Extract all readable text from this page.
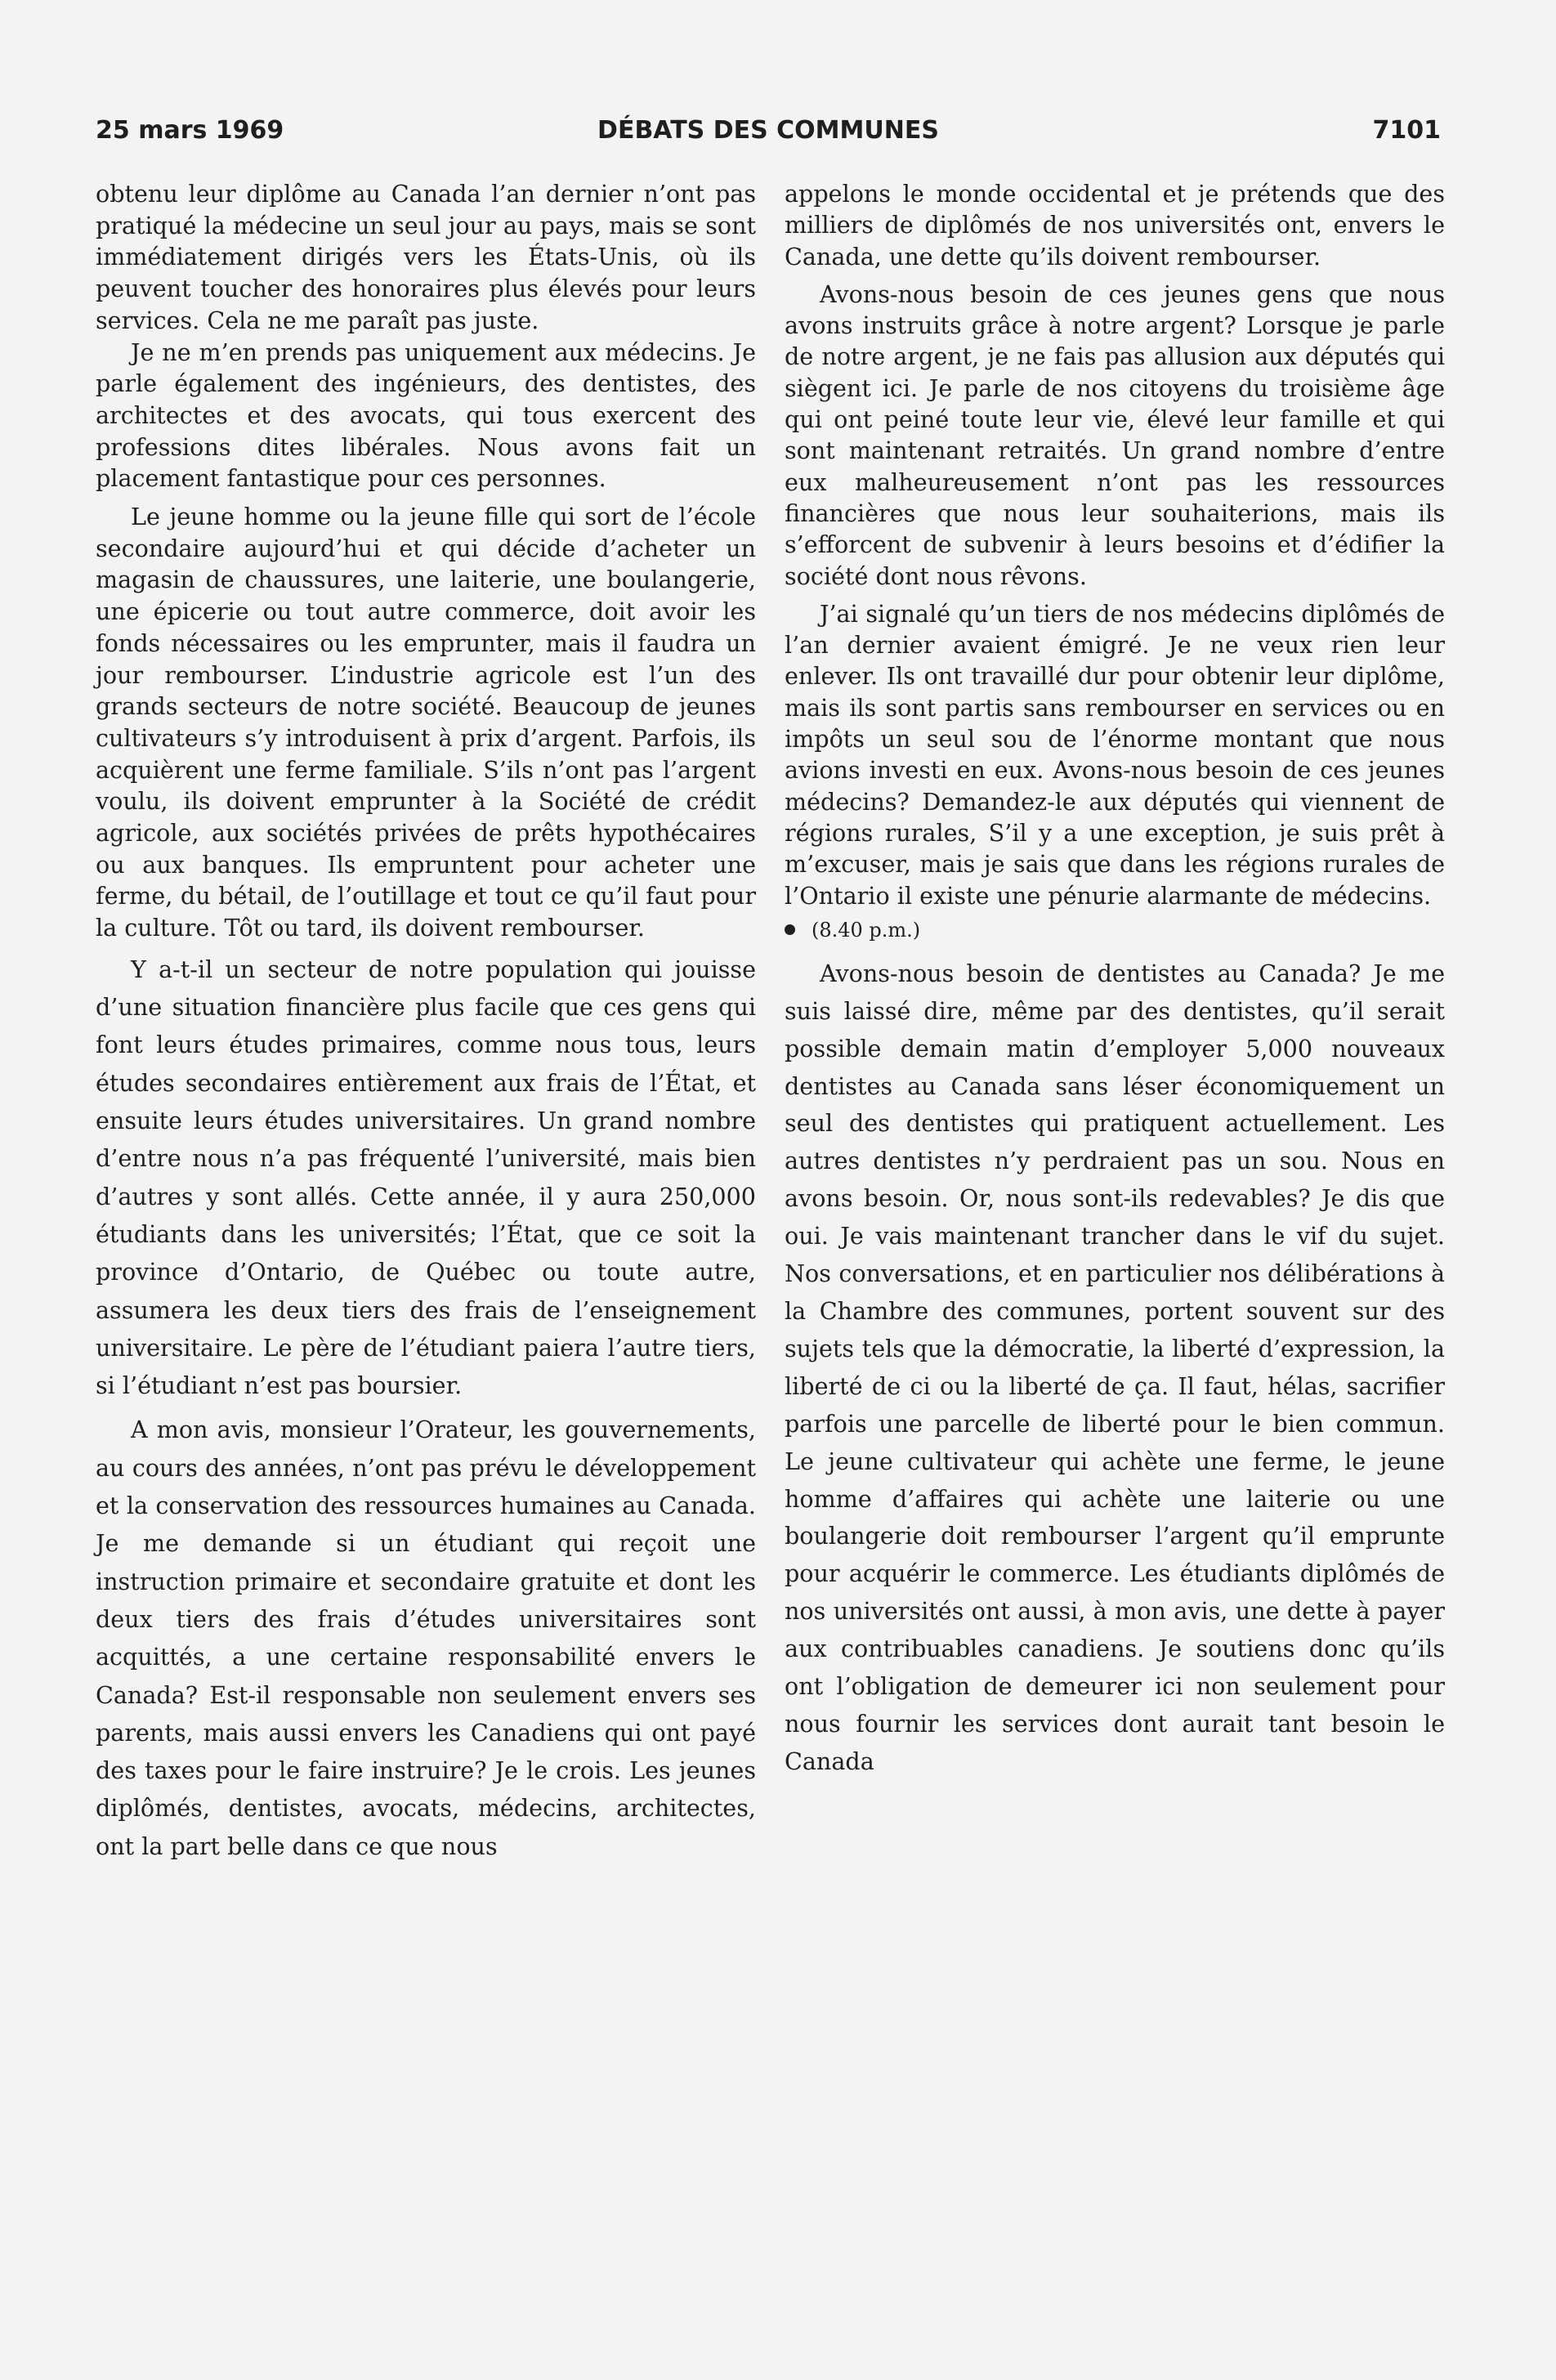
25 mars 1969	DÉBATS DES COMMUNES	7101

obtenu leur diplôme au Canada l’an dernier n’ont pas pratiqué la médecine un seul jour au pays, mais se sont immédiatement dirigés vers les États-Unis, où ils peuvent toucher des honoraires plus élevés pour leurs services. Cela ne me paraît pas juste.

Je ne m’en prends pas uniquement aux médecins. Je parle également des ingénieurs, des dentistes, des architectes et des avocats, qui tous exercent des professions dites libérales. Nous avons fait un placement fantastique pour ces personnes.

Le jeune homme ou la jeune fille qui sort de l’école secondaire aujourd’hui et qui décide d’acheter un magasin de chaussures, une laiterie, une boulangerie, une épicerie ou tout autre commerce, doit avoir les fonds nécessaires ou les emprunter, mais il faudra un jour rembourser. L’industrie agricole est l’un des grands secteurs de notre société. Beaucoup de jeunes cultivateurs s’y introduisent à prix d’argent. Parfois, ils acquièrent une ferme familiale. S’ils n’ont pas l’argent voulu, ils doivent emprunter à la Société de crédit agricole, aux sociétés privées de prêts hypothécaires ou aux banques. Ils empruntent pour acheter une ferme, du bétail, de l’outillage et tout ce qu’il faut pour la culture. Tôt ou tard, ils doivent rembourser.

Y a-t-il un secteur de notre population qui jouisse d’une situation financière plus facile que ces gens qui font leurs études primaires, comme nous tous, leurs études secondaires entièrement aux frais de l’État, et ensuite leurs études universitaires. Un grand nombre d’entre nous n’a pas fréquenté l’université, mais bien d’autres y sont allés. Cette année, il y aura 250,000 étudiants dans les universités; l’État, que ce soit la province d’Ontario, de Québec ou toute autre, assumera les deux tiers des frais de l’enseignement universitaire. Le père de l’étudiant paiera l’autre tiers, si l’étudiant n’est pas boursier.

A mon avis, monsieur l’Orateur, les gouvernements, au cours des années, n’ont pas prévu le développement et la conservation des ressources humaines au Canada. Je me demande si un étudiant qui reçoit une instruction primaire et secondaire gratuite et dont les deux tiers des frais d’études universitaires sont acquittés, a une certaine responsabilité envers le Canada? Est-il responsable non seulement envers ses parents, mais aussi envers les Canadiens qui ont payé des taxes pour le faire instruire? Je le crois. Les jeunes diplômés, dentistes, avocats, médecins, architectes, ont la part belle dans ce que nous

appelons le monde occidental et je prétends que des milliers de diplômés de nos universités ont, envers le Canada, une dette qu’ils doivent rembourser.

Avons-nous besoin de ces jeunes gens que nous avons instruits grâce à notre argent? Lorsque je parle de notre argent, je ne fais pas allusion aux députés qui siègent ici. Je parle de nos citoyens du troisième âge qui ont peiné toute leur vie, élevé leur famille et qui sont maintenant retraités. Un grand nombre d’entre eux malheureusement n’ont pas les ressources financières que nous leur souhaiterions, mais ils s’efforcent de subvenir à leurs besoins et d’édifier la société dont nous rêvons.

J’ai signalé qu’un tiers de nos médecins diplômés de l’an dernier avaient émigré. Je ne veux rien leur enlever. Ils ont travaillé dur pour obtenir leur diplôme, mais ils sont partis sans rembourser en services ou en impôts un seul sou de l’énorme montant que nous avions investi en eux. Avons-nous besoin de ces jeunes médecins? Demandez-le aux députés qui viennent de régions rurales, S’il y a une exception, je suis prêt à m’excuser, mais je sais que dans les régions rurales de l’Ontario il existe une pénurie alarmante de médecins.

(8.40 p.m.)

Avons-nous besoin de dentistes au Canada? Je me suis laissé dire, même par des dentistes, qu’il serait possible demain matin d’employer 5,000 nouveaux dentistes au Canada sans léser économiquement un seul des dentistes qui pratiquent actuellement. Les autres dentistes n’y perdraient pas un sou. Nous en avons besoin. Or, nous sont-ils redevables? Je dis que oui. Je vais maintenant trancher dans le vif du sujet. Nos conversations, et en particulier nos délibérations à la Chambre des communes, portent souvent sur des sujets tels que la démocratie, la liberté d’expression, la liberté de ci ou la liberté de ça. Il faut, hélas, sacrifier parfois une parcelle de liberté pour le bien commun. Le jeune cultivateur qui achète une ferme, le jeune homme d’affaires qui achète une laiterie ou une boulangerie doit rembourser l’argent qu’il emprunte pour acquérir le commerce. Les étudiants diplômés de nos universités ont aussi, à mon avis, une dette à payer aux contribuables canadiens. Je soutiens donc qu’ils ont l’obligation de demeurer ici non seulement pour nous fournir les services dont aurait tant besoin le Canada
